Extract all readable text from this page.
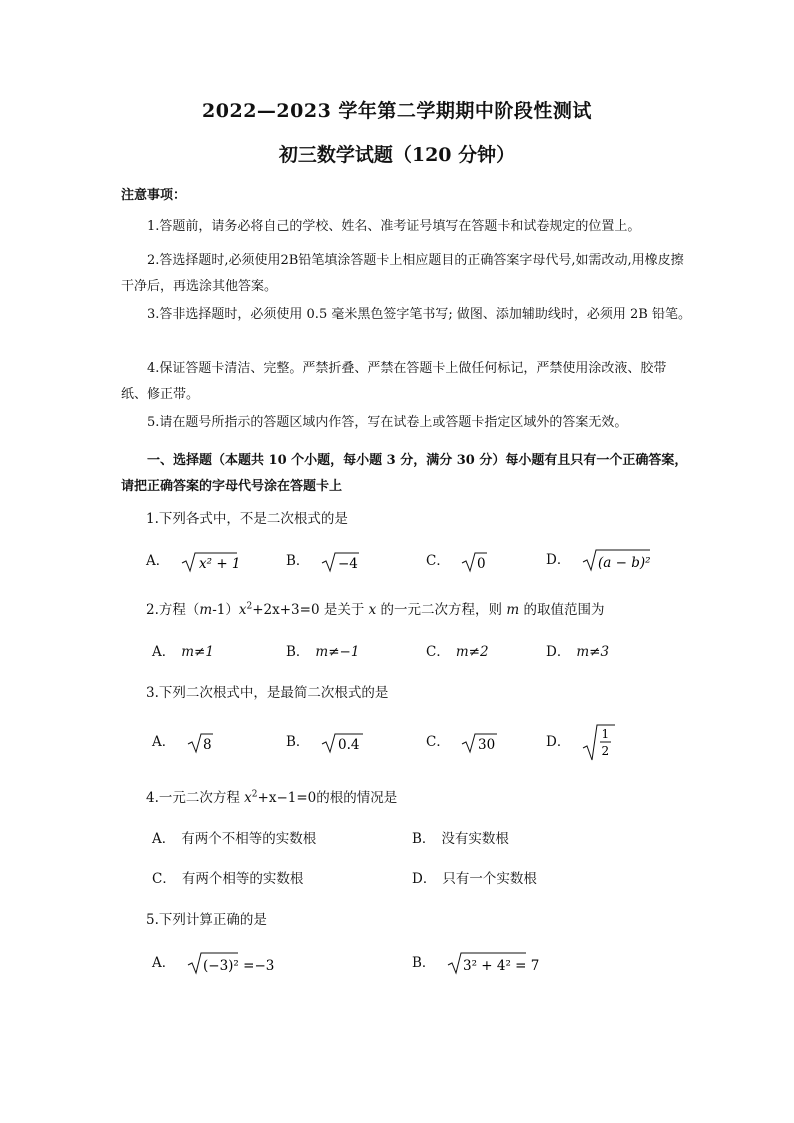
2022—2023 学年第二学期期中阶段性测试
初三数学试题（120 分钟）
注意事项：
1.答题前，请务必将自己的学校、姓名、准考证号填写在答题卡和试卷规定的位置上。
2.答选择题时,必须使用2B铅笔填涂答题卡上相应题目的正确答案字母代号,如需改动,用橡皮擦干净后，再选涂其他答案。
3.答非选择题时，必须使用 0.5 毫米黑色签字笔书写; 做图、添加辅助线时，必须用 2B 铅笔。
4.保证答题卡清洁、完整。严禁折叠、严禁在答题卡上做任何标记，严禁使用涂改液、胶带纸、修正带。
5.请在题号所指示的答题区域内作答，写在试卷上或答题卡指定区域外的答案无效。
一、选择题（本题共 10 个小题，每小题 3 分，满分 30 分）每小题有且只有一个正确答案，请把正确答案的字母代号涂在答题卡上
1.下列各式中，不是二次根式的是
A． x² + 1	B． −4	C． 0	D． (a − b)²
2.方程$(m-1)x^2+2x+3=0$ 是关于 x 的一元二次方程，则 m 的取值范围为
A． m≠1	B． m≠−1	C． m≠2	D． m≠3
3.下列二次根式中，是最简二次根式的是
A． 8	B． 0.4	C． 30	D．	1
2
1/2
4.一元二次方程 $x^2+x-1=0$的根的情况是
A． 有两个不相等的实数根	B． 没有实数根
C． 有两个相等的实数根	D． 只有一个实数根
5.下列计算正确的是
A． (−3)² =−3	B． 3² + 4² = 7
